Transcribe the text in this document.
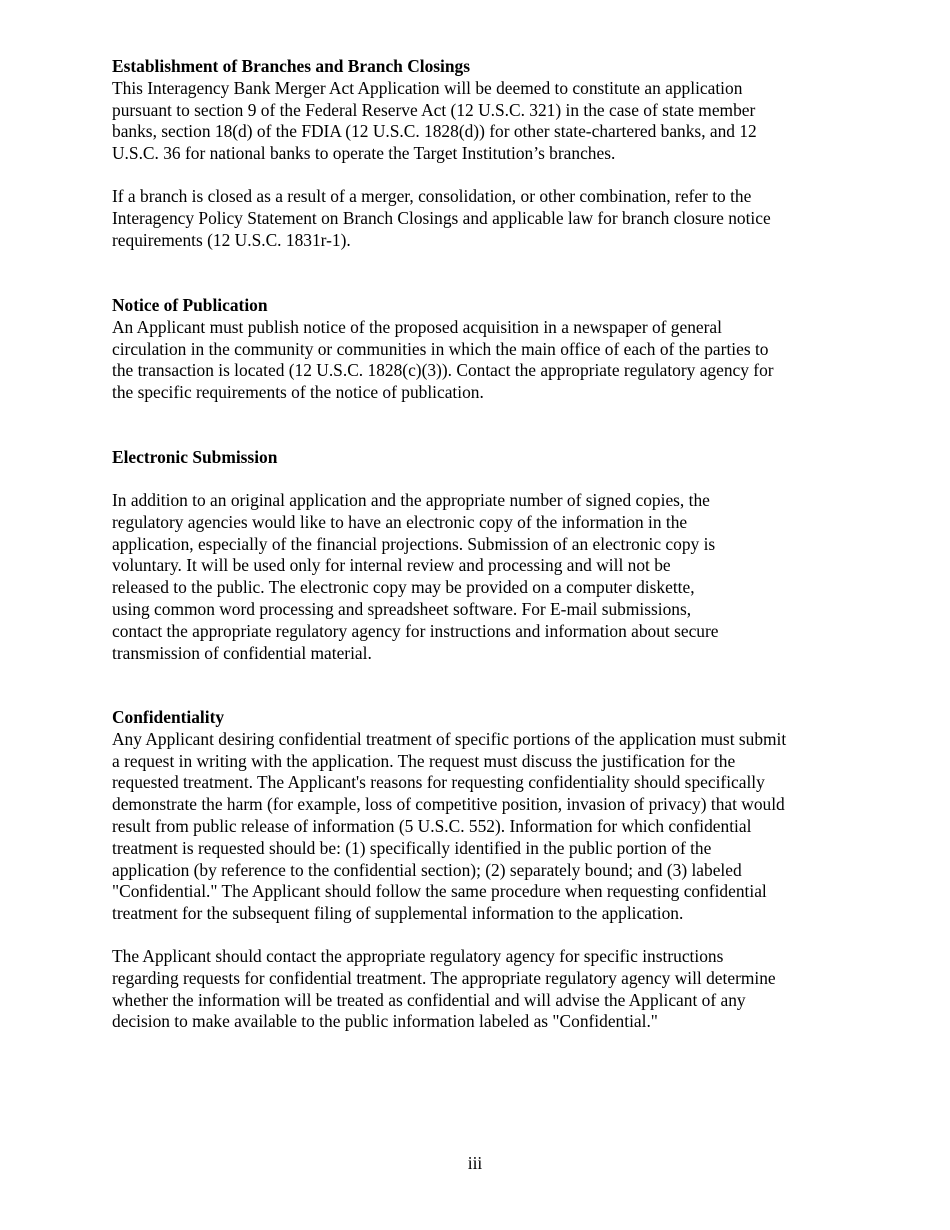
Establishment of Branches and Branch Closings

This Interagency Bank Merger Act Application will be deemed to constitute an application
pursuant to section 9 of the Federal Reserve Act (12 U.S.C. 321) in the case of state member
banks, section 18(d) of the FDIA (12 U.S.C. 1828(d)) for other state-chartered banks, and 12
U.S.C. 36 for national banks to operate the Target Institution’s branches.

If a branch is closed as a result of a merger, consolidation, or other combination, refer to the
Interagency Policy Statement on Branch Closings and applicable law for branch closure notice
requirements (12 U.S.C. 1831r-1).

Notice of Publication

An Applicant must publish notice of the proposed acquisition in a newspaper of general
circulation in the community or communities in which the main office of each of the parties to
the transaction is located (12 U.S.C. 1828(c)(3)). Contact the appropriate regulatory agency for
the specific requirements of the notice of publication.

Electronic Submission

In addition to an original application and the appropriate number of signed copies, the
regulatory agencies would like to have an electronic copy of the information in the
application, especially of the financial projections. Submission of an electronic copy is
voluntary. It will be used only for internal review and processing and will not be
released to the public. The electronic copy may be provided on a computer diskette,
using common word processing and spreadsheet software. For E-mail submissions,
contact the appropriate regulatory agency for instructions and information about secure
transmission of confidential material.

Confidentiality

Any Applicant desiring confidential treatment of specific portions of the application must submit
a request in writing with the application. The request must discuss the justification for the
requested treatment. The Applicant's reasons for requesting confidentiality should specifically
demonstrate the harm (for example, loss of competitive position, invasion of privacy) that would
result from public release of information (5 U.S.C. 552). Information for which confidential
treatment is requested should be: (1) specifically identified in the public portion of the
application (by reference to the confidential section); (2) separately bound; and (3) labeled
"Confidential." The Applicant should follow the same procedure when requesting confidential
treatment for the subsequent filing of supplemental information to the application.

The Applicant should contact the appropriate regulatory agency for specific instructions
regarding requests for confidential treatment. The appropriate regulatory agency will determine
whether the information will be treated as confidential and will advise the Applicant of any
decision to make available to the public information labeled as "Confidential."

iii
